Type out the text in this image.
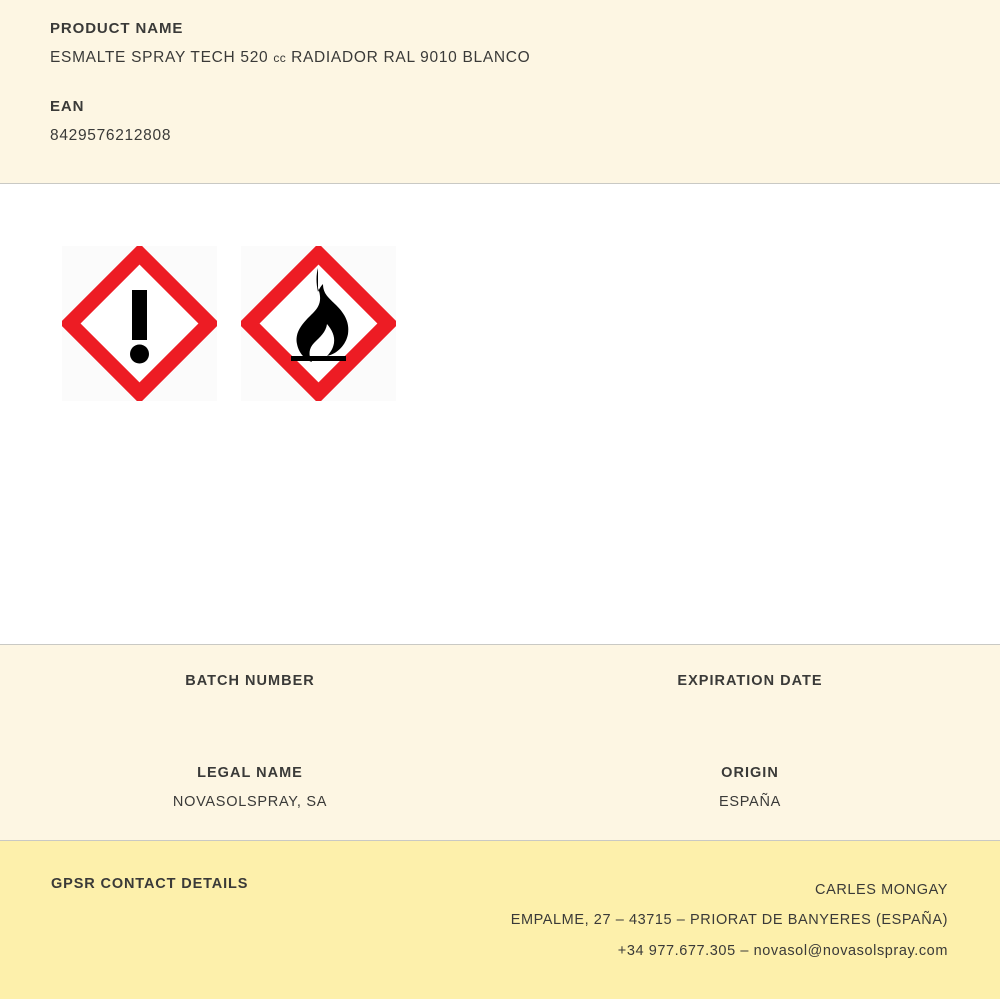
PRODUCT NAME
ESMALTE SPRAY TECH 520 cc RADIADOR RAL 9010 BLANCO
EAN
8429576212808
BATCH NUMBER	EXPIRATION DATE
LEGAL NAME
NOVASOLSPRAY, SA
ORIGIN
ESPAÑA
GPSR CONTACT DETAILS	CARLES MONGAY
EMPALME, 27 – 43715 – PRIORAT DE BANYERES (ESPAÑA)
+34 977.677.305 – novasol@novasolspray.com
